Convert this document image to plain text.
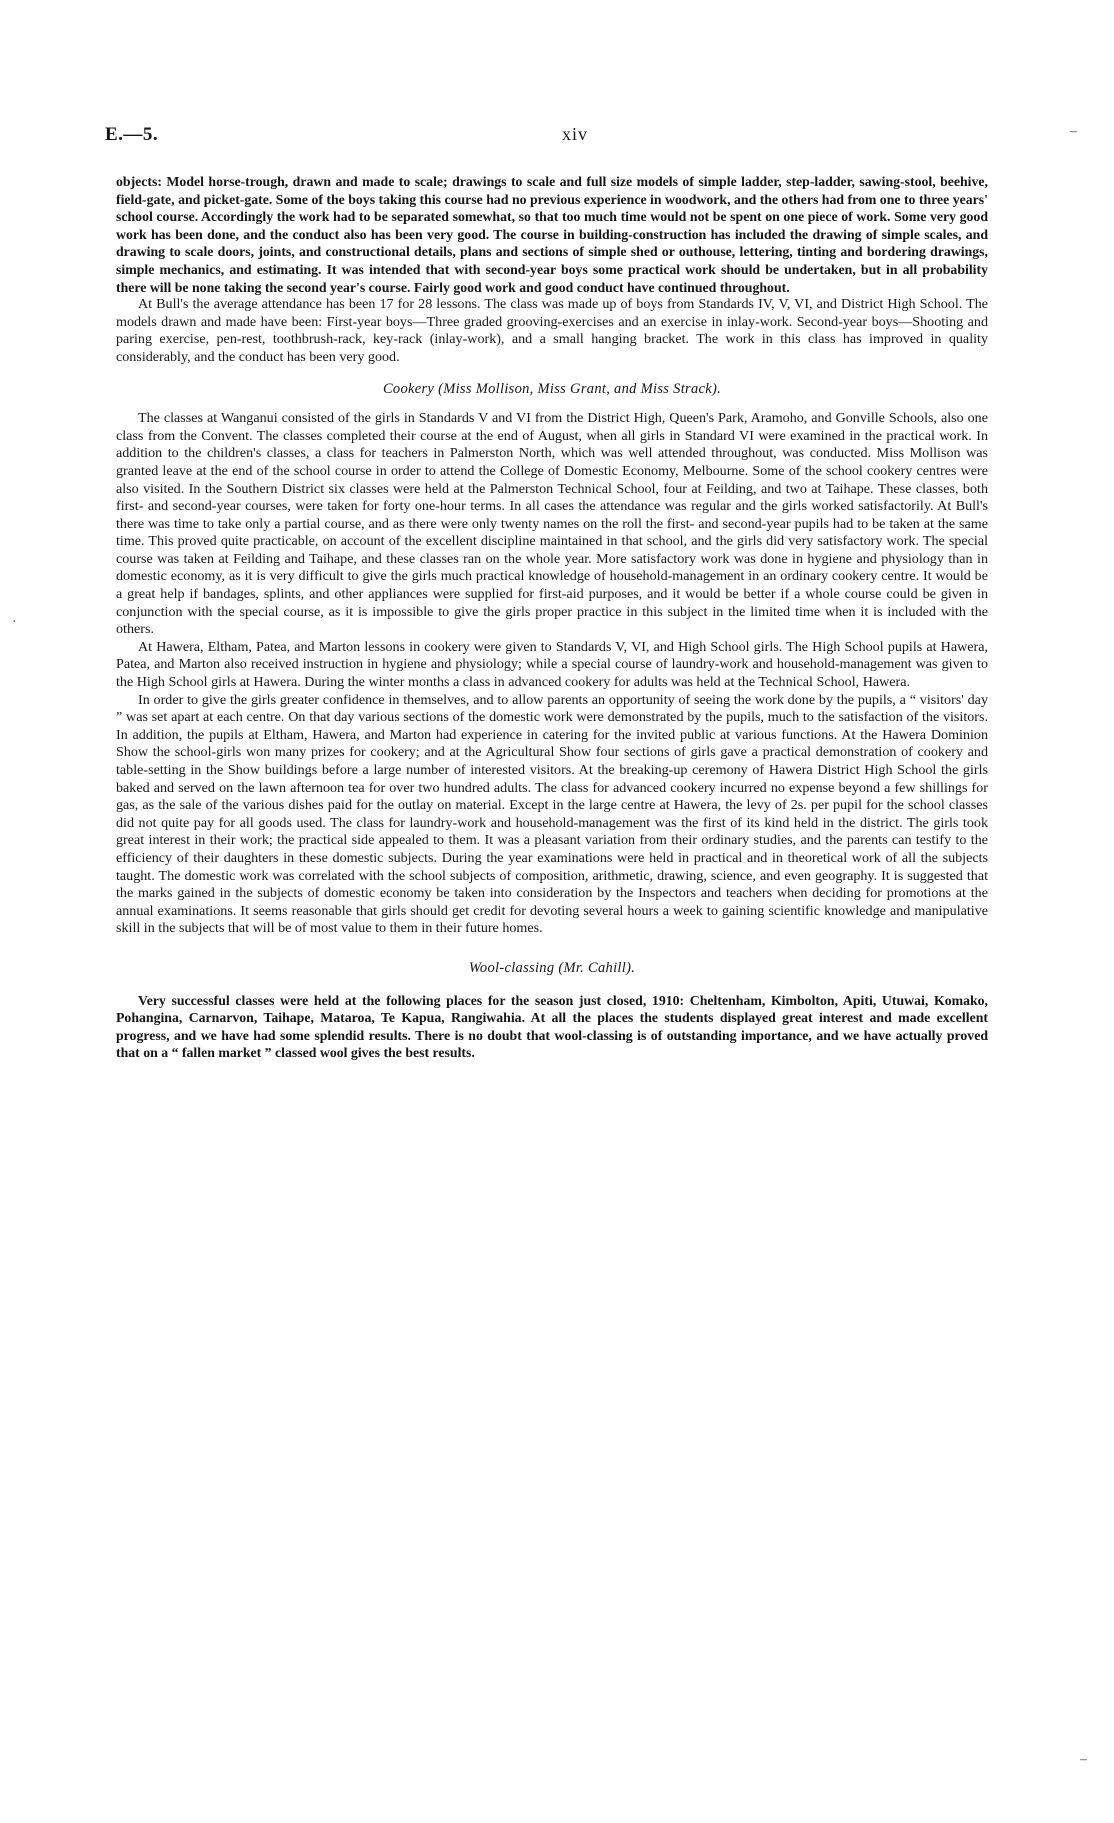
E.—5.	xiv	–
–
·

objects: Model horse-trough, drawn and made to scale; drawings to scale and full size models of simple ladder, step-ladder, sawing-stool, beehive, field-gate, and picket-gate. Some of the boys taking this course had no previous experience in woodwork, and the others had from one to three years' school course. Accordingly the work had to be separated somewhat, so that too much time would not be spent on one piece of work. Some very good work has been done, and the conduct also has been very good. The course in building-construction has included the drawing of simple scales, and drawing to scale doors, joints, and constructional details, plans and sections of simple shed or outhouse, lettering, tinting and bordering drawings, simple mechanics, and estimating. It was intended that with second-year boys some practical work should be undertaken, but in all probability there will be none taking the second year's course. Fairly good work and good conduct have continued throughout.

At Bull's the average attendance has been 17 for 28 lessons. The class was made up of boys from Standards IV, V, VI, and District High School. The models drawn and made have been: First-year boys—Three graded grooving-exercises and an exercise in inlay-work. Second-year boys—Shooting and paring exercise, pen-rest, toothbrush-rack, key-rack (inlay-work), and a small hanging bracket. The work in this class has improved in quality considerably, and the conduct has been very good.

Cookery (Miss Mollison, Miss Grant, and Miss Strack).

The classes at Wanganui consisted of the girls in Standards V and VI from the District High, Queen's Park, Aramoho, and Gonville Schools, also one class from the Convent. The classes completed their course at the end of August, when all girls in Standard VI were examined in the practical work. In addition to the children's classes, a class for teachers in Palmerston North, which was well attended throughout, was conducted. Miss Mollison was granted leave at the end of the school course in order to attend the College of Domestic Economy, Melbourne. Some of the school cookery centres were also visited. In the Southern District six classes were held at the Palmerston Technical School, four at Feilding, and two at Taihape. These classes, both first- and second-year courses, were taken for forty one-hour terms. In all cases the attendance was regular and the girls worked satisfactorily. At Bull's there was time to take only a partial course, and as there were only twenty names on the roll the first- and second-year pupils had to be taken at the same time. This proved quite practicable, on account of the excellent discipline maintained in that school, and the girls did very satisfactory work. The special course was taken at Feilding and Taihape, and these classes ran on the whole year. More satisfactory work was done in hygiene and physiology than in domestic economy, as it is very difficult to give the girls much practical knowledge of household-management in an ordinary cookery centre. It would be a great help if bandages, splints, and other appliances were supplied for first-aid purposes, and it would be better if a whole course could be given in conjunction with the special course, as it is impossible to give the girls proper practice in this subject in the limited time when it is included with the others.

At Hawera, Eltham, Patea, and Marton lessons in cookery were given to Standards V, VI, and High School girls. The High School pupils at Hawera, Patea, and Marton also received instruction in hygiene and physiology; while a special course of laundry-work and household-management was given to the High School girls at Hawera. During the winter months a class in advanced cookery for adults was held at the Technical School, Hawera.

In order to give the girls greater confidence in themselves, and to allow parents an opportunity of seeing the work done by the pupils, a “ visitors' day ” was set apart at each centre. On that day various sections of the domestic work were demonstrated by the pupils, much to the satisfaction of the visitors. In addition, the pupils at Eltham, Hawera, and Marton had experience in catering for the invited public at various functions. At the Hawera Dominion Show the school-girls won many prizes for cookery; and at the Agricultural Show four sections of girls gave a practical demonstration of cookery and table-setting in the Show buildings before a large number of interested visitors. At the breaking-up ceremony of Hawera District High School the girls baked and served on the lawn afternoon tea for over two hundred adults. The class for advanced cookery incurred no expense beyond a few shillings for gas, as the sale of the various dishes paid for the outlay on material. Except in the large centre at Hawera, the levy of 2s. per pupil for the school classes did not quite pay for all goods used. The class for laundry-work and household-management was the first of its kind held in the district. The girls took great interest in their work; the practical side appealed to them. It was a pleasant variation from their ordinary studies, and the parents can testify to the efficiency of their daughters in these domestic subjects. During the year examinations were held in practical and in theoretical work of all the subjects taught. The domestic work was correlated with the school subjects of composition, arithmetic, drawing, science, and even geography. It is suggested that the marks gained in the subjects of domestic economy be taken into consideration by the Inspectors and teachers when deciding for promotions at the annual examinations. It seems reasonable that girls should get credit for devoting several hours a week to gaining scientific knowledge and manipulative skill in the subjects that will be of most value to them in their future homes.

Wool-classing (Mr. Cahill).

Very successful classes were held at the following places for the season just closed, 1910: Cheltenham, Kimbolton, Apiti, Utuwai, Komako, Pohangina, Carnarvon, Taihape, Mataroa, Te Kapua, Rangiwahia. At all the places the students displayed great interest and made excellent progress, and we have had some splendid results. There is no doubt that wool-classing is of outstanding importance, and we have actually proved that on a “ fallen market ” classed wool gives the best results.
